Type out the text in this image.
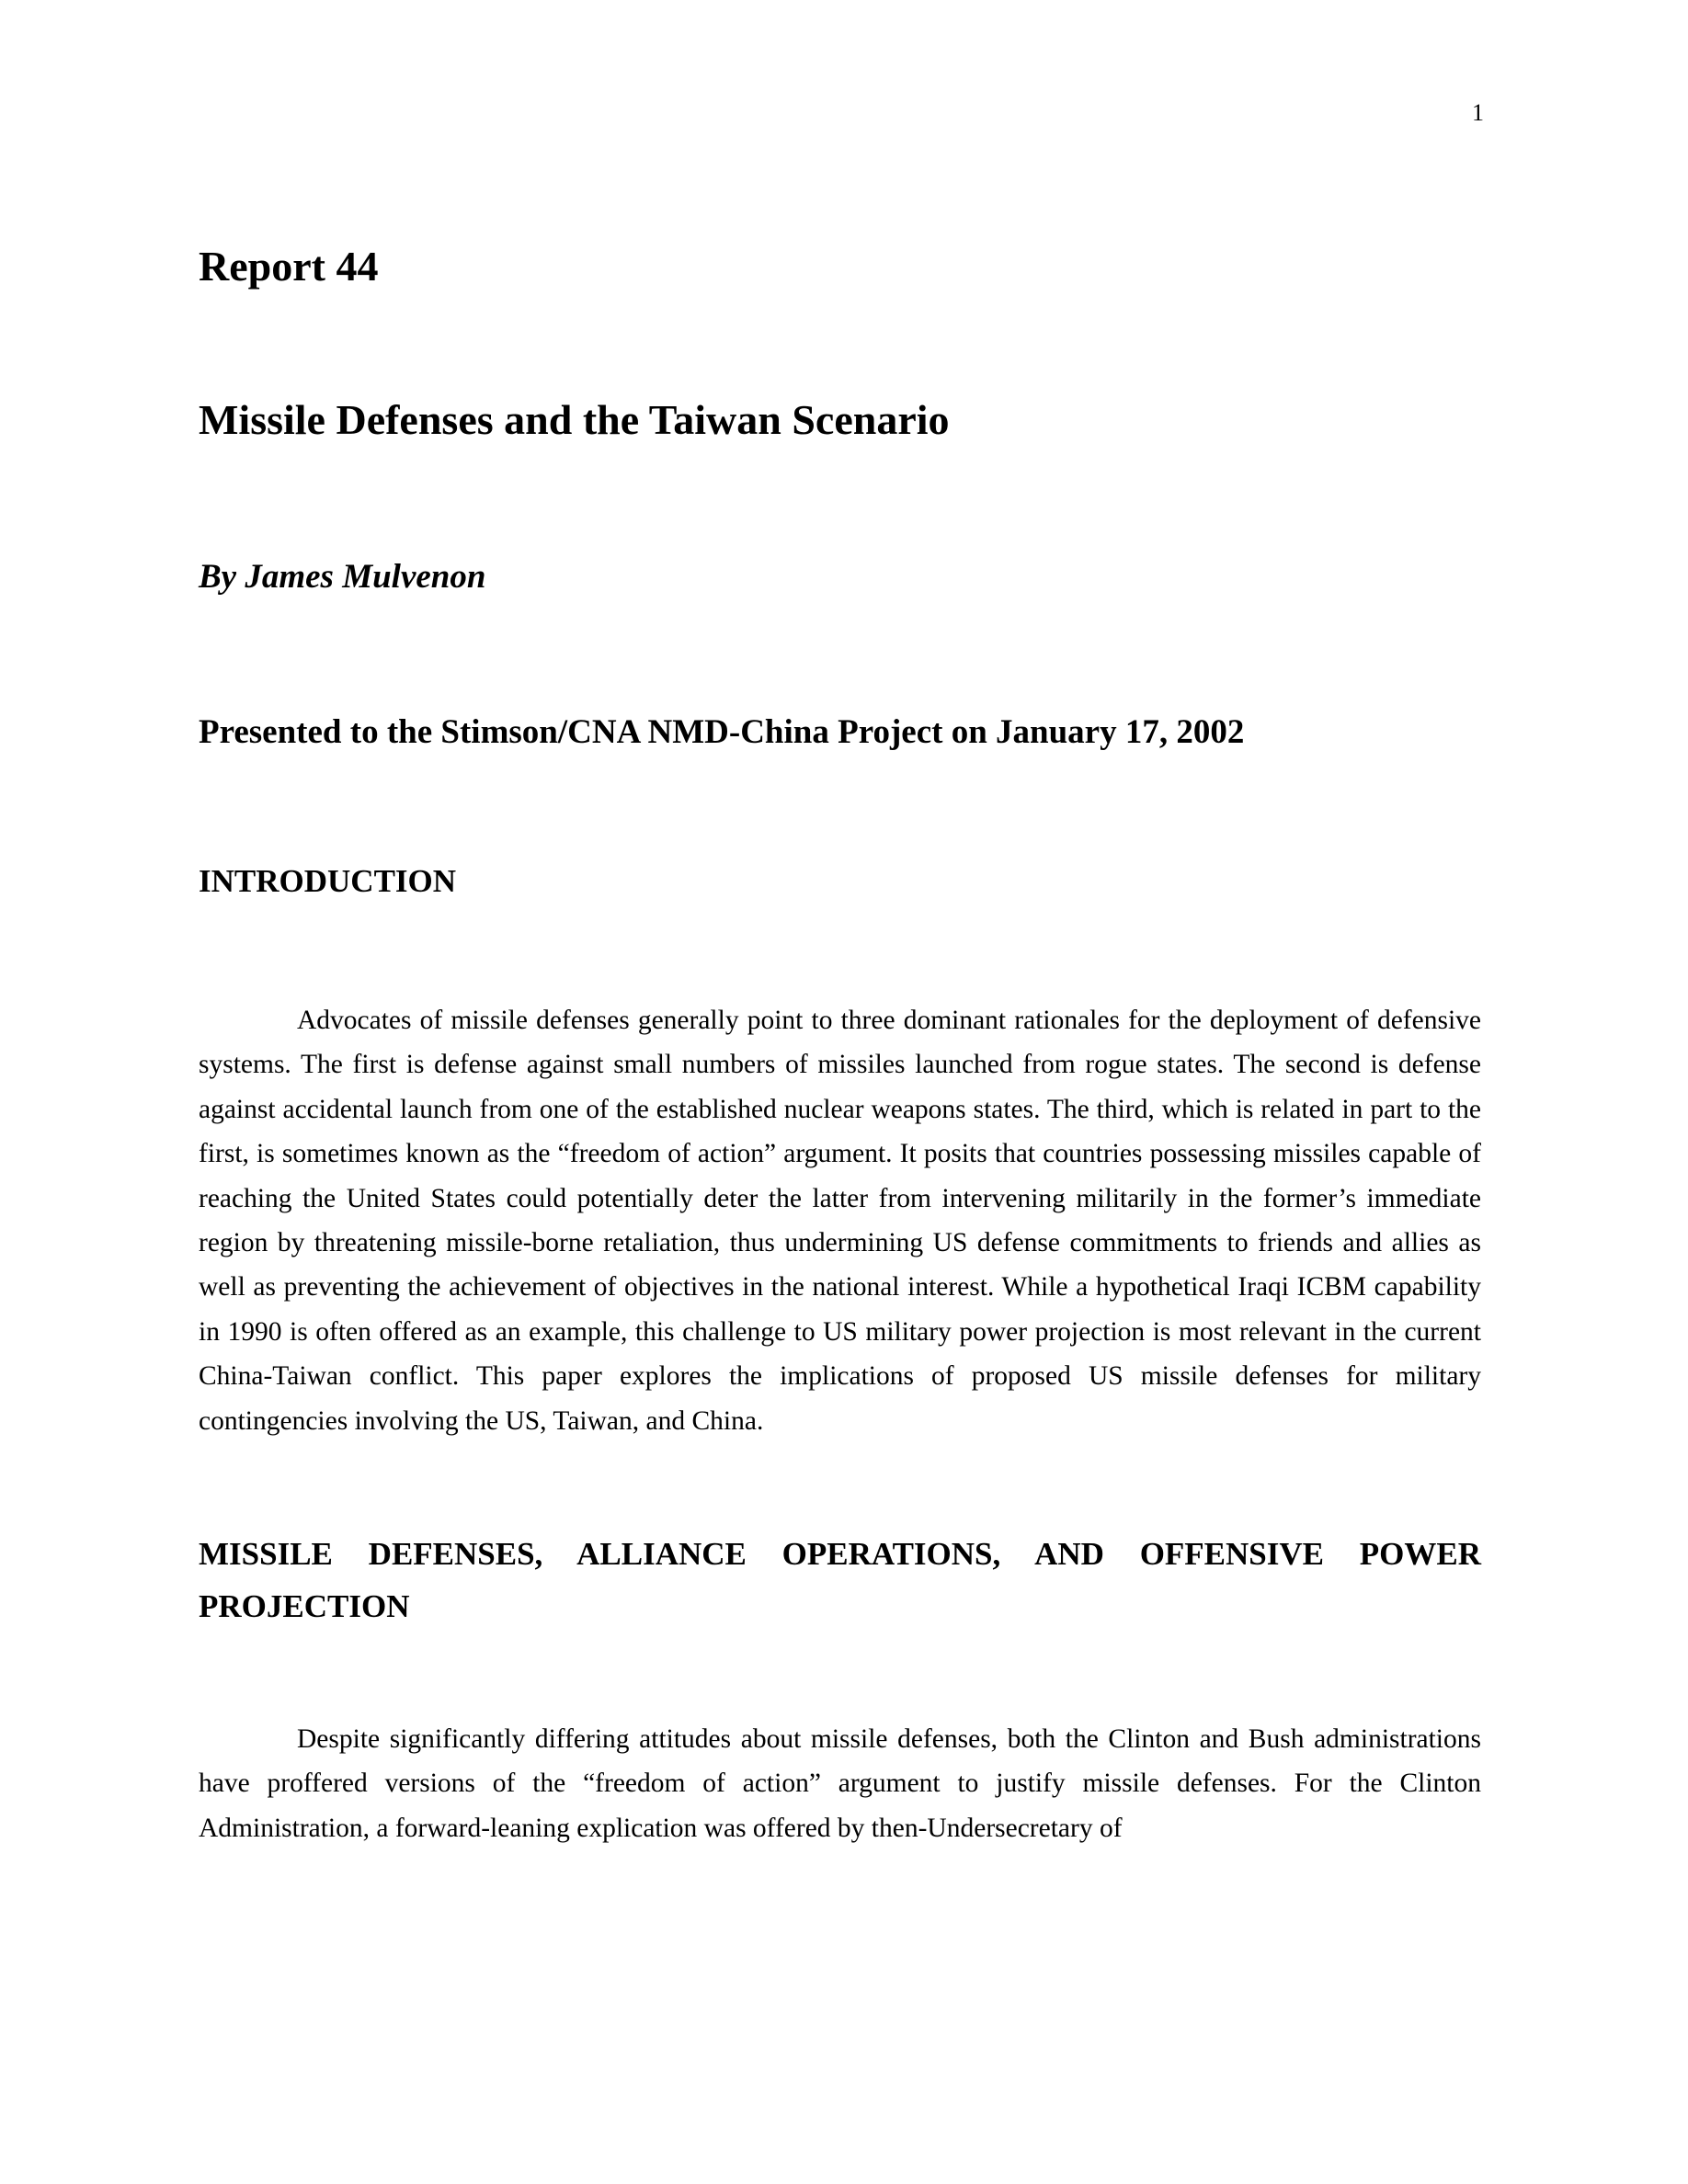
1
Report 44
Missile Defenses and the Taiwan Scenario
By James Mulvenon
Presented to the Stimson/CNA NMD-China Project on January 17, 2002
INTRODUCTION

Advocates of missile defenses generally point to three dominant rationales for the deployment of defensive systems. The first is defense against small numbers of missiles launched from rogue states. The second is defense against accidental launch from one of the established nuclear weapons states. The third, which is related in part to the first, is sometimes known as the “freedom of action” argument. It posits that countries possessing missiles capable of reaching the United States could potentially deter the latter from intervening militarily in the former’s immediate region by threatening missile-borne retaliation, thus undermining US defense commitments to friends and allies as well as preventing the achievement of objectives in the national interest. While a hypothetical Iraqi ICBM capability in 1990 is often offered as an example, this challenge to US military power projection is most relevant in the current China-Taiwan conflict. This paper explores the implications of proposed US missile defenses for military contingencies involving the US, Taiwan, and China.

MISSILE DEFENSES, ALLIANCE OPERATIONS, AND OFFENSIVE POWER PROJECTION

Despite significantly differing attitudes about missile defenses, both the Clinton and Bush administrations have proffered versions of the “freedom of action” argument to justify missile defenses. For the Clinton Administration, a forward-leaning explication was offered by then-Undersecretary of
